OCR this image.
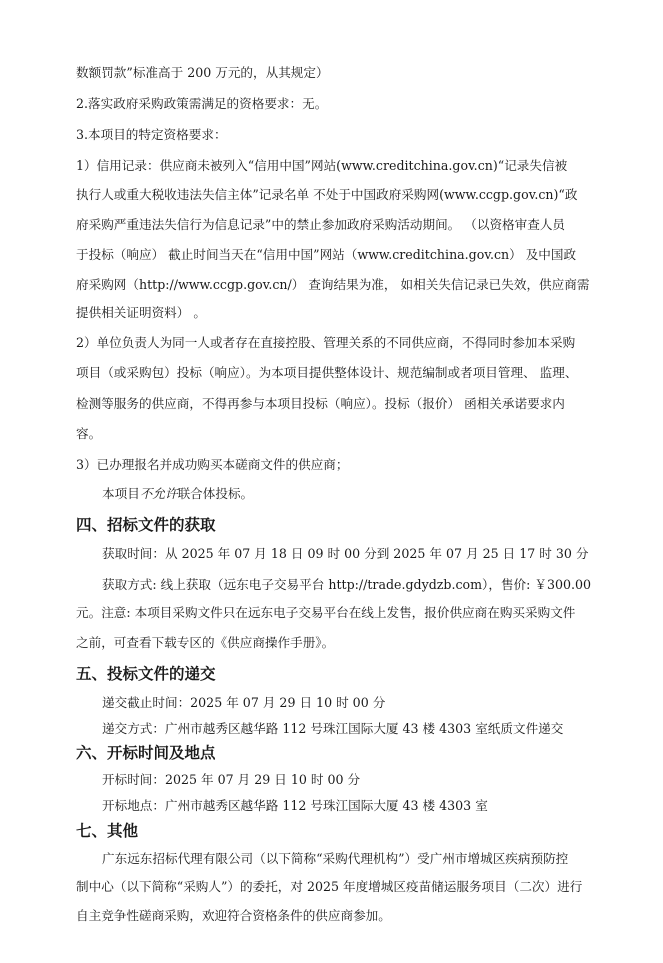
数额罚款”标准高于 200 万元的，从其规定）
2.落实政府采购政策需满足的资格要求：无。
3.本项目的特定资格要求：
1）信用记录：供应商未被列入“信用中国”网站(www.creditchina.gov.cn)“记录失信被
执行人或重大税收违法失信主体”记录名单 不处于中国政府采购网(www.ccgp.gov.cn)“政
府采购严重违法失信行为信息记录”中的禁止参加政府采购活动期间。 （以资格审查人员
于投标（响应） 截止时间当天在“信用中国”网站（www.creditchina.gov.cn） 及中国政
府采购网（http://www.ccgp.gov.cn/） 查询结果为准， 如相关失信记录已失效，供应商需
提供相关证明资料） 。
2）单位负责人为同一人或者存在直接控股、管理关系的不同供应商，不得同时参加本采购
项目（或采购包）投标（响应）。为本项目提供整体设计、规范编制或者项目管理、 监理、
检测等服务的供应商，不得再参与本项目投标（响应）。投标（报价） 函相关承诺要求内
容。
3）已办理报名并成功购买本磋商文件的供应商；
本项目不允许联合体投标。
四、招标文件的获取
获取时间：从 2025 年 07 月 18 日 09 时 00 分到 2025 年 07 月 25 日 17 时 30 分
获取方式: 线上获取（远东电子交易平台 http://trade.gdydzb.com），售价: ￥300.00
元。注意: 本项目采购文件只在远东电子交易平台在线上发售，报价供应商在购买采购文件
之前，可查看下载专区的《供应商操作手册》。
五、投标文件的递交
递交截止时间：2025 年 07 月 29 日 10 时 00 分
递交方式：广州市越秀区越华路 112 号珠江国际大厦 43 楼 4303 室纸质文件递交
六、开标时间及地点
开标时间：2025 年 07 月 29 日 10 时 00 分
开标地点：广州市越秀区越华路 112 号珠江国际大厦 43 楼 4303 室
七、其他
广东远东招标代理有限公司（以下简称“采购代理机构”）受广州市增城区疾病预防控
制中心（以下简称“采购人”）的委托，对 2025 年度增城区疫苗储运服务项目（二次）进行
自主竞争性磋商采购，欢迎符合资格条件的供应商参加。
